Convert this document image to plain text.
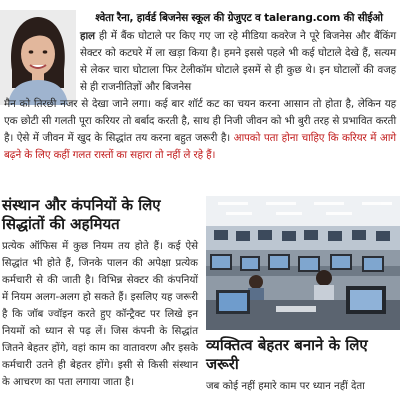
श्वेता रैना, हार्वर्ड बिजनेस स्कूल की ग्रेजुएट व talerang.com की सीईओ
हाल ही में बैंक घोटाले पर किए गए जा रहे मीडिया कवरेज ने पूरे बिजनेस और बैंकिंग सेक्टर को कटघरे में ला खड़ा किया है। हमने इससे पहले भी कई घोटाले देखे हैं, सत्यम से लेकर चारा घोटाला फिर टेलीकॉम घोटाले इसमें से ही कुछ थे। इन घोटालों की वजह से ही राजनीतिज्ञों और बिजनेस
मैन को तिरछी नजर से देखा जाने लगा। कई बार शॉर्ट कट का चयन करना आसान तो होता है, लेकिन यह एक छोटी सी गलती पूरा करियर तो बर्बाद करती है, साथ ही निजी जीवन को भी बुरी तरह से प्रभावित करती है। ऐसे में जीवन में खुद के सिद्धांत तय करना बहुत जरूरी है। आपको पता होना चाहिए कि करियर में आगे बढ़ने के लिए कहीं गलत रास्तों का सहारा तो नहीं ले रहे हैं।
संस्थान और कंपनियों के लिए सिद्धांतों की अहमियत
प्रत्येक ऑफिस में कुछ नियम तय होते हैं। कई ऐसे सिद्धांत भी होते हैं, जिनके पालन की अपेक्षा प्रत्येक कर्मचारी से की जाती है। विभिन्न सेक्टर की कंपनियों में नियम अलग-अलग हो सकते हैं। इसलिए यह जरूरी है कि जॉब ज्वॉइन करते हुए कॉन्ट्रैक्ट पर लिखे इन नियमों को ध्यान से पढ़ लें। जिस कंपनी के सिद्धांत जितने बेहतर होंगे, वहां काम का वातावरण और इसके कर्मचारी उतने ही बेहतर होंगे। इसी से किसी संस्थान के आचरण का पता लगाया जाता है।
व्यक्तित्व बेहतर बनाने के लिए जरूरी
जब कोई नहीं हमारे काम पर ध्यान नहीं देता
